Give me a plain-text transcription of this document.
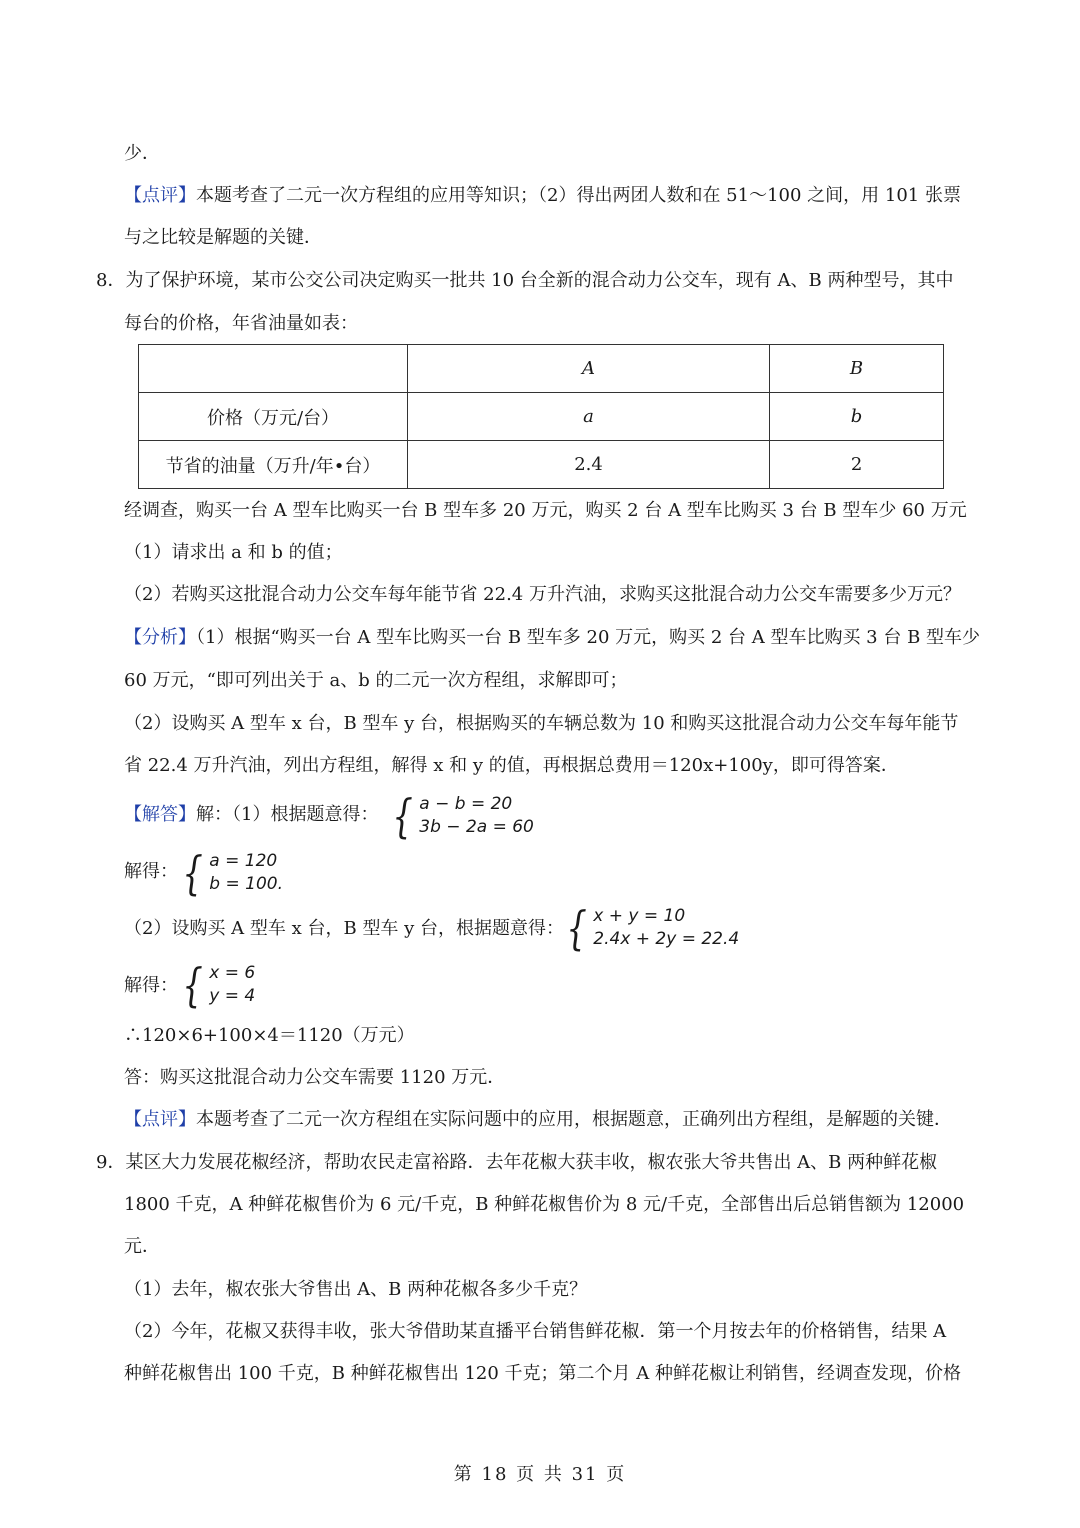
少．
【点评】本题考查了二元一次方程组的应用等知识；（2）得出两团人数和在 51～100 之间，用 101 张票
与之比较是解题的关键．
8．为了保护环境，某市公交公司决定购买一批共 10 台全新的混合动力公交车，现有 A、B 两种型号，其中
每台的价格，年省油量如表：
	A	B
价格（万元/台）	a	b
节省的油量（万升/年•台）	2.4	2
经调查，购买一台 A 型车比购买一台 B 型车多 20 万元，购买 2 台 A 型车比购买 3 台 B 型车少 60 万元
（1）请求出 a 和 b 的值；
（2）若购买这批混合动力公交车每年能节省 22.4 万升汽油，求购买这批混合动力公交车需要多少万元？
【分析】（1）根据“购买一台 A 型车比购买一台 B 型车多 20 万元，购买 2 台 A 型车比购买 3 台 B 型车少
60 万元，“即可列出关于 a、b 的二元一次方程组，求解即可；
（2）设购买 A 型车 x 台，B 型车 y 台，根据购买的车辆总数为 10 和购买这批混合动力公交车每年能节
省 22.4 万升汽油，列出方程组，解得 x 和 y 的值，再根据总费用＝120x+100y，即可得答案．
【解答】解：（1）根据题意得： { a − b = 20
3b − 2a = 60
解得： { a = 120
b = 100.
（2）设购买 A 型车 x 台，B 型车 y 台，根据题意得： { x + y = 10
2.4x + 2y = 22.4
解得： { x = 6
y = 4
∴120×6+100×4＝1120（万元）
答：购买这批混合动力公交车需要 1120 万元．
【点评】本题考查了二元一次方程组在实际问题中的应用，根据题意，正确列出方程组，是解题的关键．
9．某区大力发展花椒经济，帮助农民走富裕路．去年花椒大获丰收，椒农张大爷共售出 A、B 两种鲜花椒
1800 千克，A 种鲜花椒售价为 6 元/千克，B 种鲜花椒售价为 8 元/千克，全部售出后总销售额为 12000
元．
（1）去年，椒农张大爷售出 A、B 两种花椒各多少千克？
（2）今年，花椒又获得丰收，张大爷借助某直播平台销售鲜花椒．第一个月按去年的价格销售，结果 A
种鲜花椒售出 100 千克，B 种鲜花椒售出 120 千克；第二个月 A 种鲜花椒让利销售，经调查发现，价格
第 18 页 共 31 页
